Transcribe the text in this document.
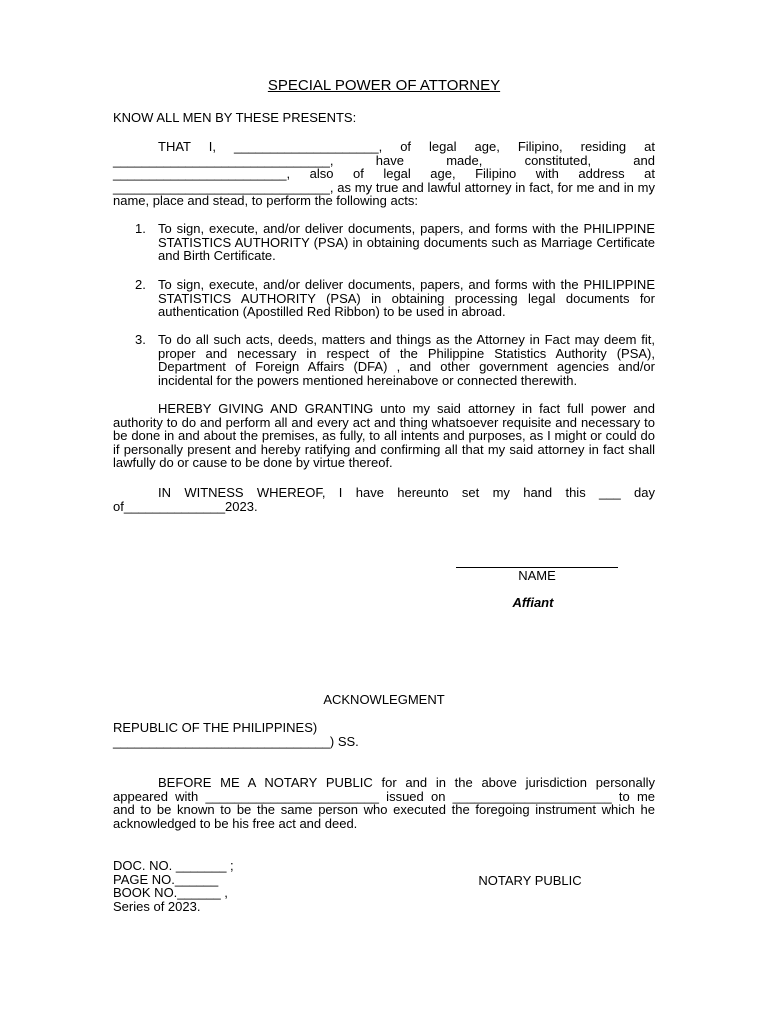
SPECIAL POWER OF ATTORNEY
KNOW ALL MEN BY THESE PRESENTS:
THAT I, ____________________, of legal age, Filipino, residing at ______________________________, have made, constituted, and ________________________, also of legal age, Filipino with address at ______________________________, as my true and lawful attorney in fact, for me and in my name, place and stead, to perform the following acts:
1. To sign, execute, and/or deliver documents, papers, and forms with the PHILIPPINE STATISTICS AUTHORITY (PSA) in obtaining documents such as Marriage Certificate and Birth Certificate.
2. To sign, execute, and/or deliver documents, papers, and forms with the PHILIPPINE STATISTICS AUTHORITY (PSA) in obtaining processing legal documents for authentication (Apostilled Red Ribbon) to be used in abroad.
3. To do all such acts, deeds, matters and things as the Attorney in Fact may deem fit, proper and necessary in respect of the Philippine Statistics Authority (PSA), Department of Foreign Affairs (DFA) , and other government agencies and/or incidental for the powers mentioned hereinabove or connected therewith.
HEREBY GIVING AND GRANTING unto my said attorney in fact full power and authority to do and perform all and every act and thing whatsoever requisite and necessary to be done in and about the premises, as fully, to all intents and purposes, as I might or could do if personally present and hereby ratifying and confirming all that my said attorney in fact shall lawfully do or cause to be done by virtue thereof.
IN WITNESS WHEREOF, I have hereunto set my hand this ___ day
of______________2023.
NAME
Affiant
ACKNOWLEGMENT
REPUBLIC OF THE PHILIPPINES)
______________________________) SS.
BEFORE ME A NOTARY PUBLIC for and in the above jurisdiction personally appeared with ________________________ issued on ______________________ to me and to be known to be the same person who executed the foregoing instrument which he acknowledged to be his free act and deed.
DOC. NO. _______ ;
PAGE NO.______
BOOK NO.______ ,
Series of 2023.
NOTARY PUBLIC
